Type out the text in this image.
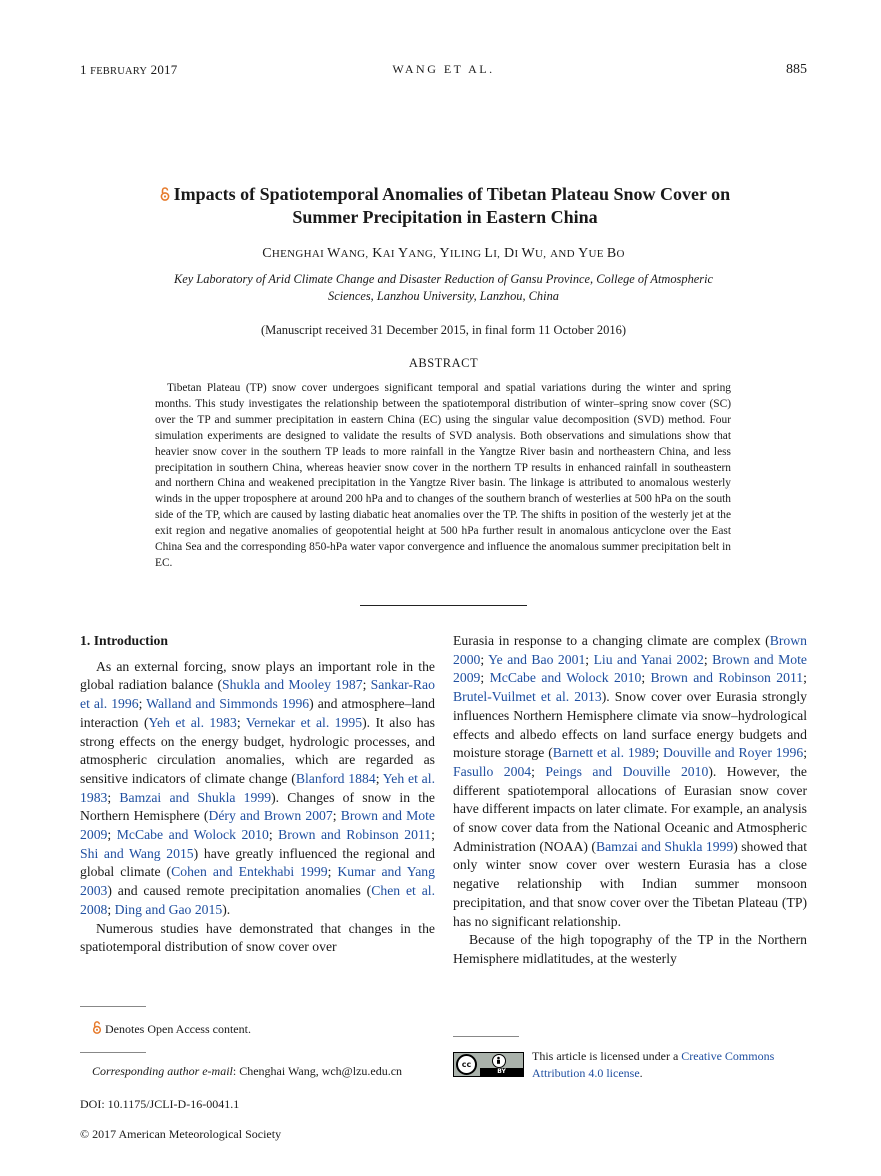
1 FEBRUARY 2017	WANG ET AL.	885
Impacts of Spatiotemporal Anomalies of Tibetan Plateau Snow Cover on
Summer Precipitation in Eastern China
CHENGHAI WANG, KAI YANG, YILING LI, DI WU, AND YUE BO
Key Laboratory of Arid Climate Change and Disaster Reduction of Gansu Province, College of Atmospheric
Sciences, Lanzhou University, Lanzhou, China
(Manuscript received 31 December 2015, in final form 11 October 2016)
ABSTRACT
Tibetan Plateau (TP) snow cover undergoes significant temporal and spatial variations during the winter and spring months. This study investigates the relationship between the spatiotemporal distribution of winter–spring snow cover (SC) over the TP and summer precipitation in eastern China (EC) using the singular value decomposition (SVD) method. Four simulation experiments are designed to validate the results of SVD analysis. Both observations and simulations show that heavier snow cover in the southern TP leads to more rainfall in the Yangtze River basin and northeastern China, and less precipitation in southern China, whereas heavier snow cover in the northern TP results in enhanced rainfall in southeastern and northern China and weakened precipitation in the Yangtze River basin. The linkage is attributed to anomalous westerly winds in the upper troposphere at around 200 hPa and to changes of the southern branch of westerlies at 500 hPa on the south side of the TP, which are caused by lasting diabatic heat anomalies over the TP. The shifts in position of the westerly jet at the exit region and negative anomalies of geopotential height at 500 hPa further result in anomalous anticyclone over the East China Sea and the corresponding 850-hPa water vapor convergence and influence the anomalous summer precipitation belt in EC.
1. Introduction

As an external forcing, snow plays an important role in the global radiation balance (Shukla and Mooley 1987; Sankar-Rao et al. 1996; Walland and Simmonds 1996) and atmosphere–land interaction (Yeh et al. 1983; Vernekar et al. 1995). It also has strong effects on the energy budget, hydrologic processes, and atmospheric circulation anomalies, which are regarded as sensitive indicators of climate change (Blanford 1884; Yeh et al. 1983; Bamzai and Shukla 1999). Changes of snow in the Northern Hemisphere (Déry and Brown 2007; Brown and Mote 2009; McCabe and Wolock 2010; Brown and Robinson 2011; Shi and Wang 2015) have greatly influenced the regional and global climate (Cohen and Entekhabi 1999; Kumar and Yang 2003) and caused remote precipitation anomalies (Chen et al. 2008; Ding and Gao 2015).

Numerous studies have demonstrated that changes in the spatiotemporal distribution of snow cover over

Eurasia in response to a changing climate are complex (Brown 2000; Ye and Bao 2001; Liu and Yanai 2002; Brown and Mote 2009; McCabe and Wolock 2010; Brown and Robinson 2011; Brutel-Vuilmet et al. 2013). Snow cover over Eurasia strongly influences Northern Hemisphere climate via snow–hydrological effects and albedo effects on land surface energy budgets and moisture storage (Barnett et al. 1989; Douville and Royer 1996; Fasullo 2004; Peings and Douville 2010). However, the different spatiotemporal allocations of Eurasian snow cover have different impacts on later climate. For example, an analysis of snow cover data from the National Oceanic and Atmospheric Administration (NOAA) (Bamzai and Shukla 1999) showed that only winter snow cover over western Eurasia has a close negative relationship with Indian summer monsoon precipitation, and that snow cover over the Tibetan Plateau (TP) has no significant relationship.

Because of the high topography of the TP in the Northern Hemisphere midlatitudes, at the westerly

Denotes Open Access content.
Corresponding author e-mail: Chenghai Wang, wch@lzu.edu.cn
DOI: 10.1175/JCLI-D-16-0041.1
© 2017 American Meteorological Society
cc
BY
This article is licensed under a Creative Commons Attribution 4.0 license.
